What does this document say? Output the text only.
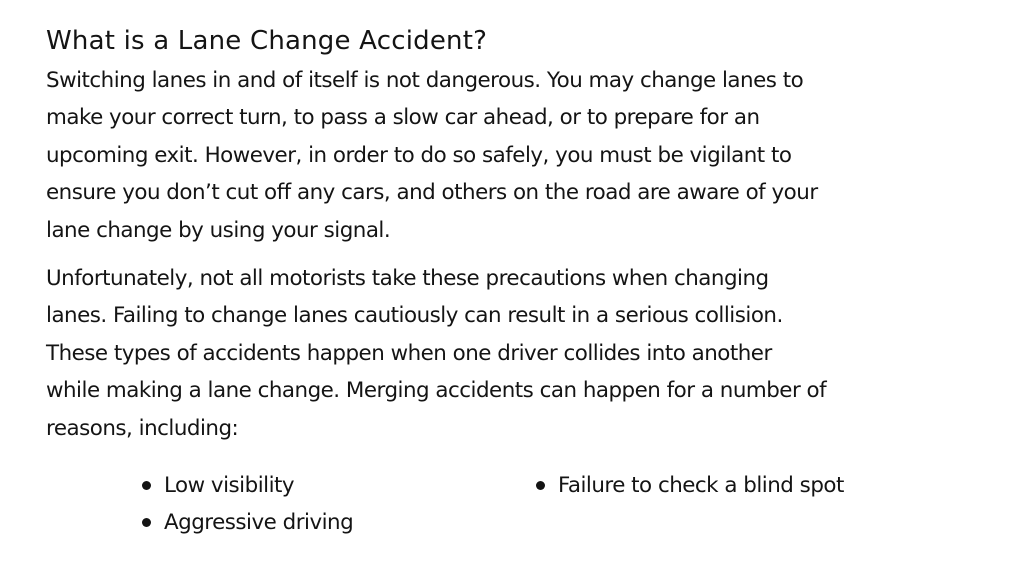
What is a Lane Change Accident?

Switching lanes in and of itself is not dangerous. You may change lanes to
make your correct turn, to pass a slow car ahead, or to prepare for an
upcoming exit. However, in order to do so safely, you must be vigilant to
ensure you don’t cut off any cars, and others on the road are aware of your
lane change by using your signal.

Unfortunately, not all motorists take these precautions when changing
lanes. Failing to change lanes cautiously can result in a serious collision.
These types of accidents happen when one driver collides into another
while making a lane change. Merging accidents can happen for a number of
reasons, including:

Low visibility
Aggressive driving
Failure to check a blind spot
